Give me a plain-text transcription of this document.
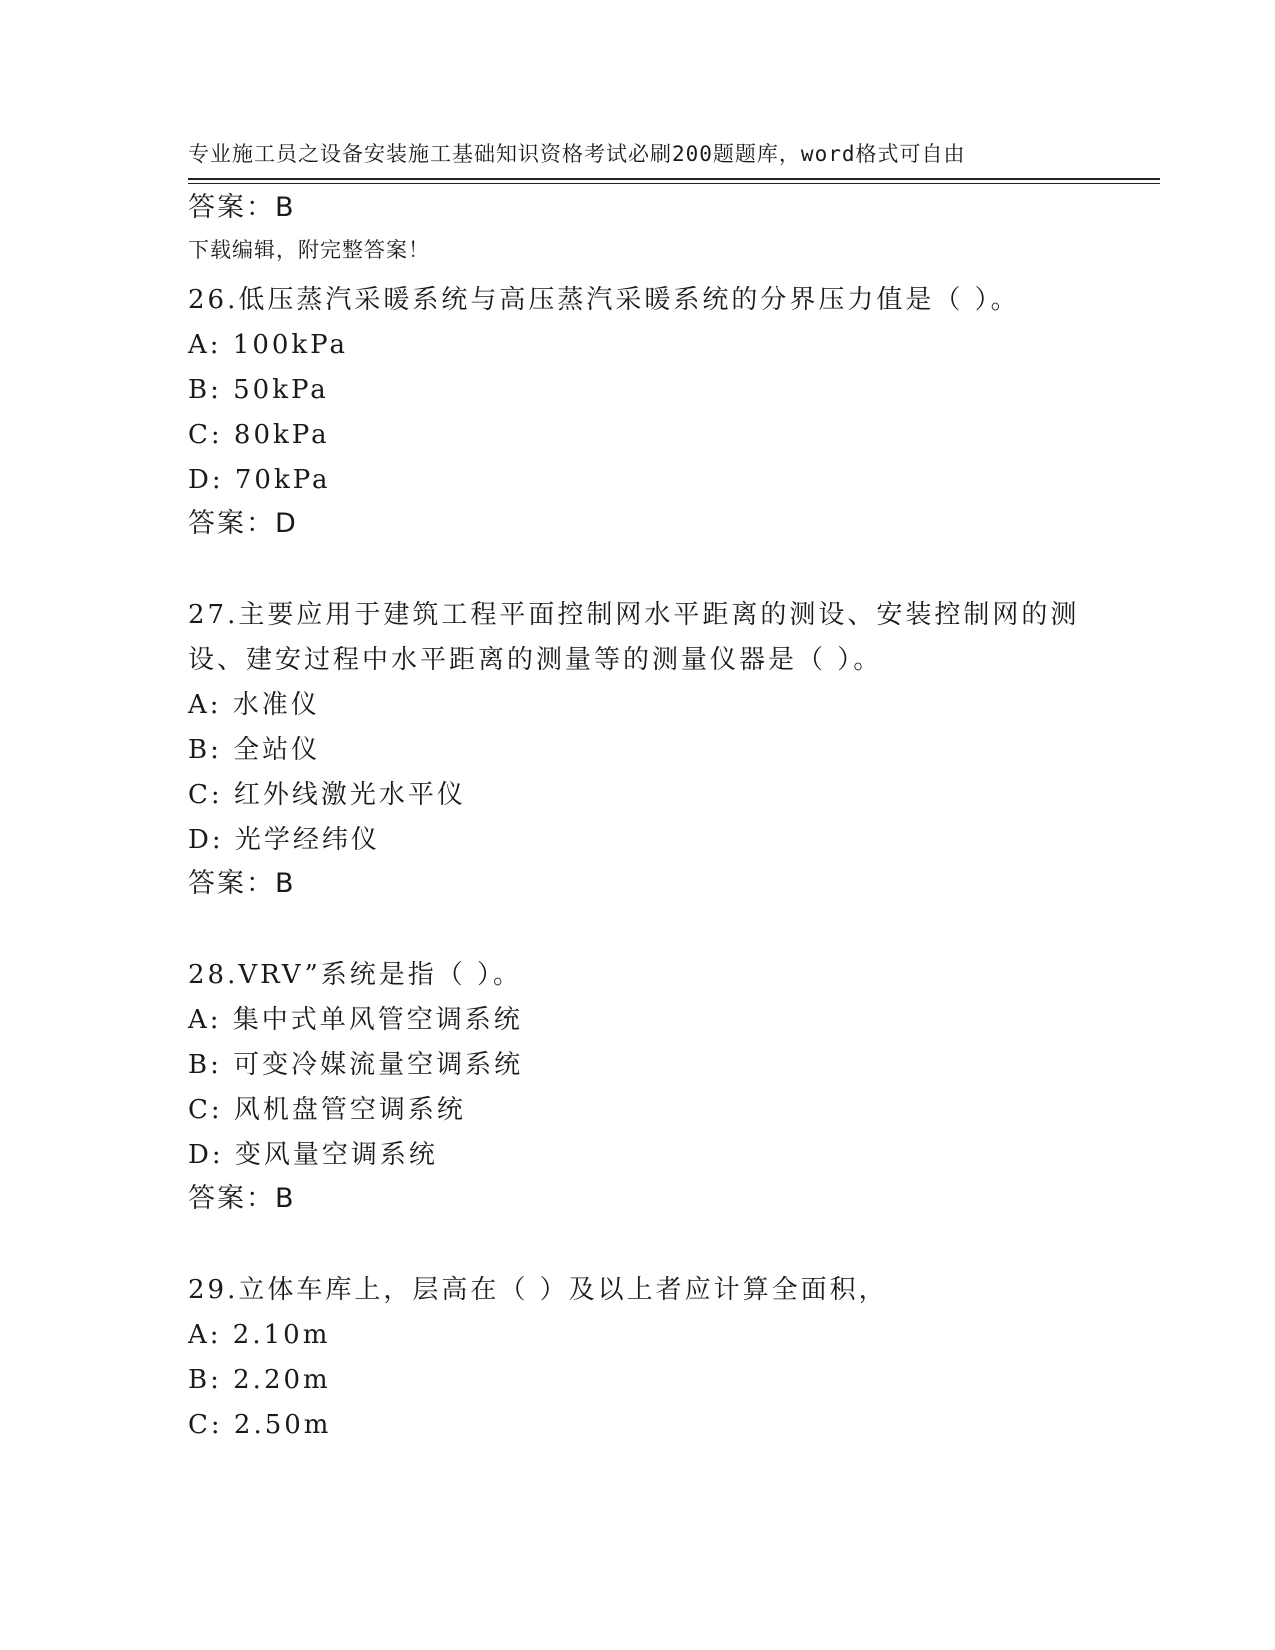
专业施工员之设备安装施工基础知识资格考试必刷200题题库，word格式可自由

下载编辑，附完整答案！

答案：B
26.低压蒸汽采暖系统与高压蒸汽采暖系统的分界压力值是（ ）。
A: 100kPa
B: 50kPa
C: 80kPa
D: 70kPa
答案：D
27.主要应用于建筑工程平面控制网水平距离的测设、安装控制网的测
设、建安过程中水平距离的测量等的测量仪器是（ ）。
A: 水准仪
B: 全站仪
C: 红外线激光水平仪
D: 光学经纬仪
答案：B
28.VRV”系统是指（ ）。
A: 集中式单风管空调系统
B: 可变冷媒流量空调系统
C: 风机盘管空调系统
D: 变风量空调系统
答案：B
29.立体车库上，层高在（ ）及以上者应计算全面积，
A: 2.10m
B: 2.20m
C: 2.50m
